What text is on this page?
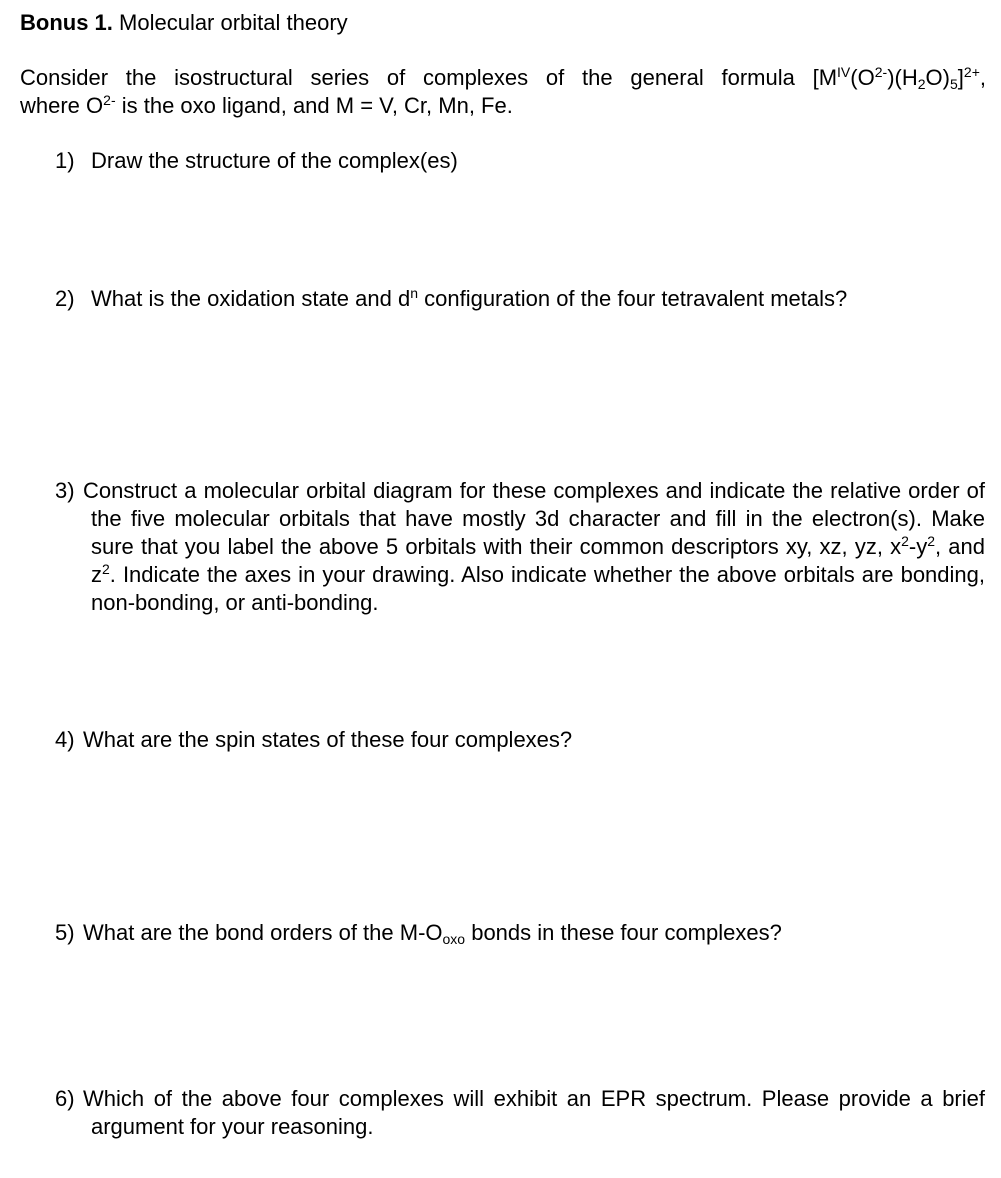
Bonus 1. Molecular orbital theory
Consider the isostructural series of complexes of the general formula $[M^{IV}(O^{2-})(H_2O)_5]^{2+}$,
where $O^{2-}$ is the oxo ligand, and M = V, Cr, Mn, Fe.
1) Draw the structure of the complex(es)
2) What is the oxidation state and $d^n$ configuration of the four tetravalent metals?
3) Construct a molecular orbital diagram for these complexes and indicate the relative order of the five molecular orbitals that have mostly 3d character and fill in the electron(s). Make sure that you label the above 5 orbitals with their common descriptors xy, xz, yz, $x^2-y^2$, and $z^2$. Indicate the axes in your drawing. Also indicate whether the above orbitals are bonding, non-bonding, or anti-bonding.
4) What are the spin states of these four complexes?
5) What are the bond orders of the $M-O_{oxo}$ bonds in these four complexes?
6) Which of the above four complexes will exhibit an EPR spectrum. Please provide a brief argument for your reasoning.
